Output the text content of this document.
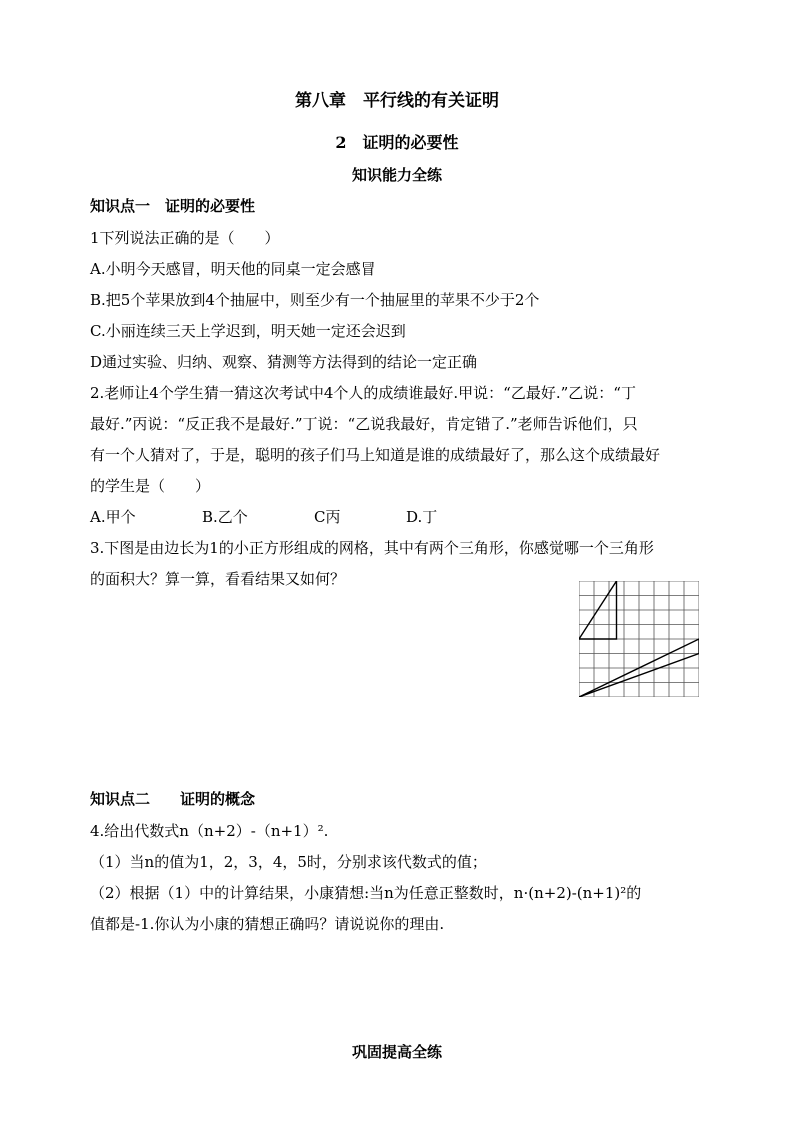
第八章　平行线的有关证明
2　证明的必要性
知识能力全练
知识点一　证明的必要性
1下列说法正确的是（　　）
A.小明今天感冒，明天他的同桌一定会感冒
B.把5个苹果放到4个抽屉中，则至少有一个抽屉里的苹果不少于2个
C.小丽连续三天上学迟到，明天她一定还会迟到
D通过实验、归纳、观察、猜测等方法得到的结论一定正确
2.老师让4个学生猜一猜这次考试中4个人的成绩谁最好.甲说：“乙最好.”乙说：“丁
最好.”丙说：“反正我不是最好.”丁说：“乙说我最好，肯定错了.”老师告诉他们，只
有一个人猜对了，于是，聪明的孩子们马上知道是谁的成绩最好了，那么这个成绩最好
的学生是（　　）
A.甲个	B.乙个	C丙	D.丁
3.下图是由边长为1的小正方形组成的网格，其中有两个三角形，你感觉哪一个三角形
的面积大？算一算，看看结果又如何？
知识点二　　证明的概念
4.给出代数式n（n+2）-（n+1）².
（1）当n的值为1，2，3，4，5时，分别求该代数式的值；
（2）根据（1）中的计算结果，小康猜想:当n为任意正整数时，n·(n+2)-(n+1)²的
值都是-1.你认为小康的猜想正确吗？请说说你的理由.
巩固提高全练
